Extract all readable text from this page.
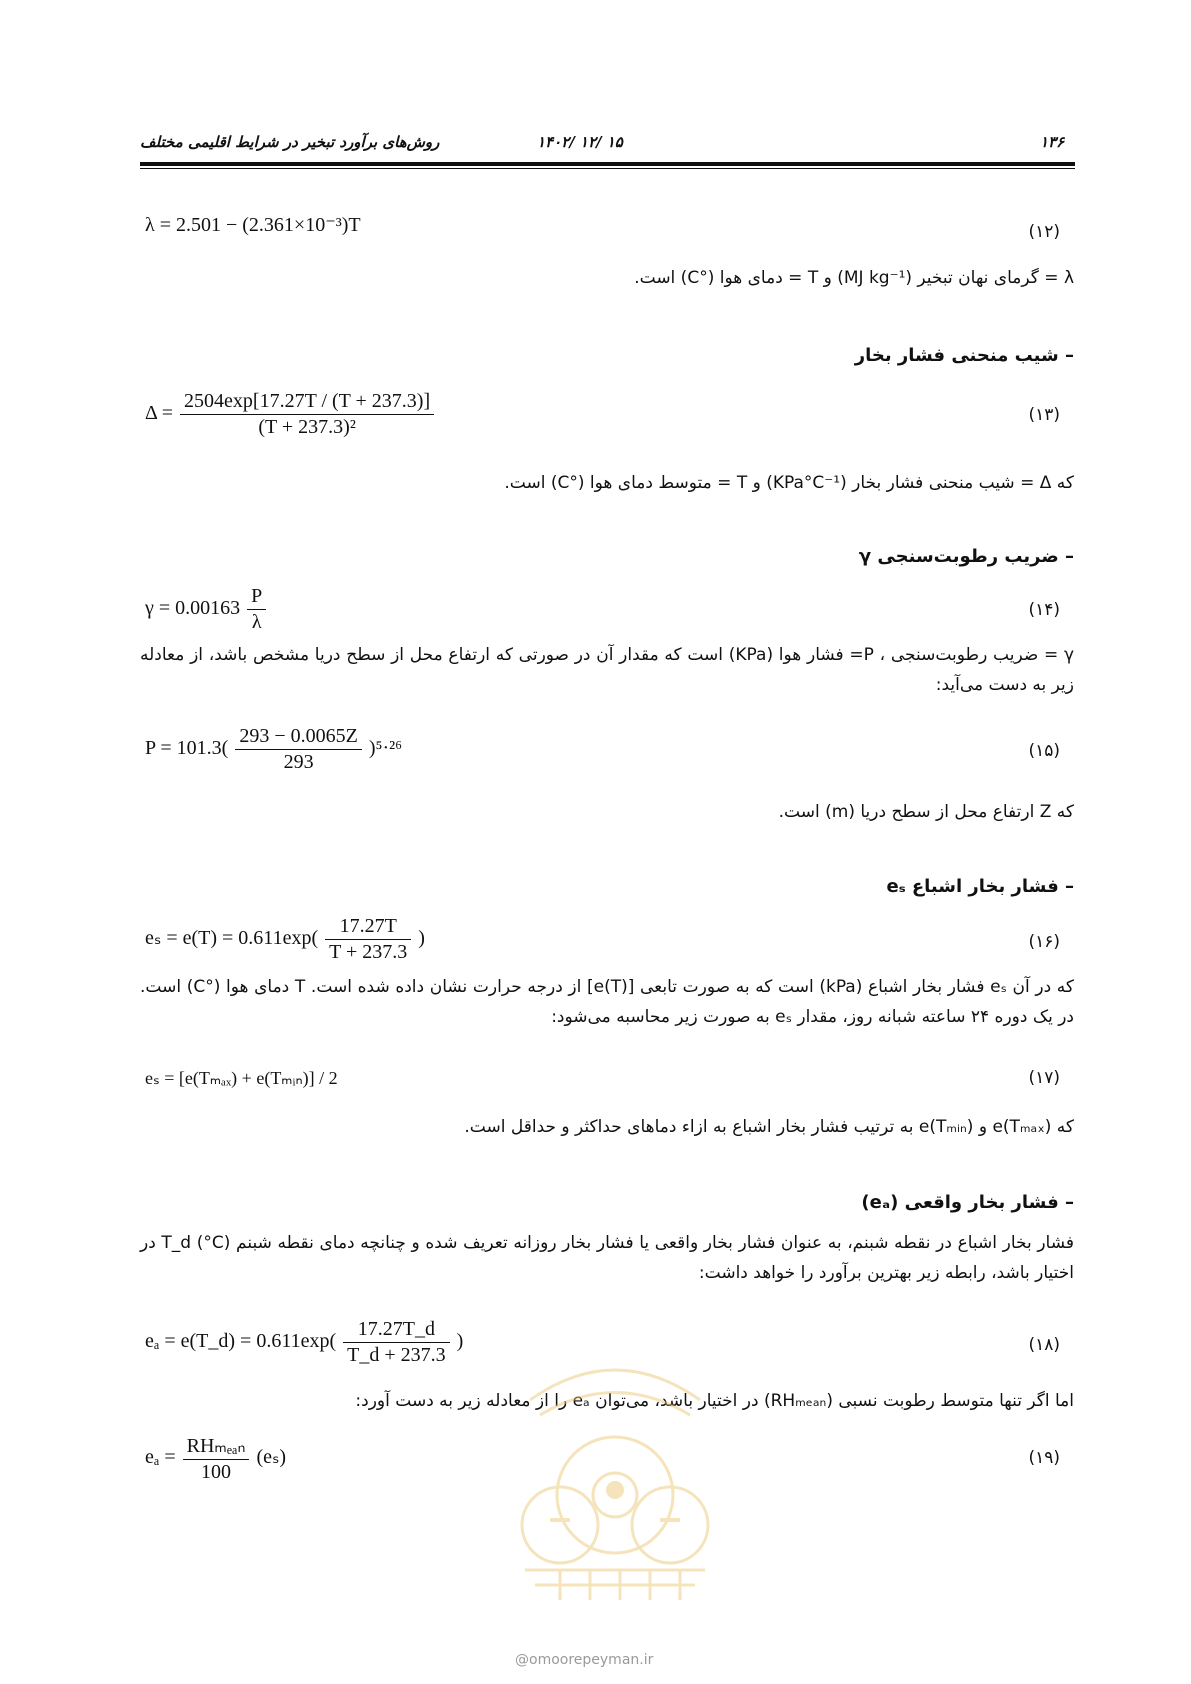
۱۳۶
۱۴۰۲/ ۱۲/ ۱۵
روش‌های برآورد تبخیر در شرایط اقلیمی مختلف
λ = 2.501 − (2.361×10⁻³)T	(۱۲)
λ = گرمای نهان تبخیر (MJ kg⁻¹) و T = دمای هوا (°C) است.
– شیب منحنی فشار بخار
$\Delta = \frac{2504\exp[17.27T / (T + 237.3)]}{\text{(T + 237.3)²}}$	(۱۳)
که Δ = شیب منحنی فشار بخار (KPa°C⁻¹) و T = متوسط دمای هوا (°C) است.
– ضریب رطوبت‌سنجی γ
$\gamma = 0.00163 \frac{P}{\lambda}$	(۱۴)
γ = ضریب رطوبت‌سنجی ، P= فشار هوا (KPa) است که مقدار آن در صورتی که ارتفاع محل از سطح دریا مشخص باشد، از معادله زیر به دست می‌آید:
$P = 101.3( \frac{293 - 0.0065Z}{293} )^5\cdot^{26}$	(۱۵)
که Z ارتفاع محل از سطح دریا (m) است.
– فشار بخار اشباع eₛ
$e_s = e(T) = 0.611\exp( \frac{17.27T}{T + 237.3}$ )	(۱۶)
که در آن eₛ فشار بخار اشباع (kPa) است که به صورت تابعی [e(T)] از درجه حرارت نشان داده شده است. T دمای هوا (°C) است. در یک دوره ۲۴ ساعته شبانه روز، مقدار eₛ به صورت زیر محاسبه می‌شود:
eₛ = [e(Tₘₐₓ) + e(Tₘᵢₙ)] / 2	(۱۷)
که e(Tₘₐₓ) و e(Tₘᵢₙ) به ترتیب فشار بخار اشباع به ازاء دماهای حداکثر و حداقل است.
– فشار بخار واقعی (eₐ)
فشار بخار اشباع در نقطه شبنم، به عنوان فشار بخار واقعی یا فشار بخار روزانه تعریف شده و چنانچه دمای نقطه شبنم T_d (°C) در اختیار باشد، رابطه زیر بهترین برآورد را خواهد داشت:
eₐ = e(T_d) = $0.611\exp( \frac{17.27T\_d}{T\_d + 237.3}$ )	(۱۸)
اما اگر تنها متوسط رطوبت نسبی (RHₘₑₐₙ) در اختیار باشد، می‌توان eₐ را از معادله زیر به دست آورد:
$e_a = \frac{\text{RHₘₑₐₙ}}{100} (e_s)$	(۱۹)
@omoorepeyman.ir
